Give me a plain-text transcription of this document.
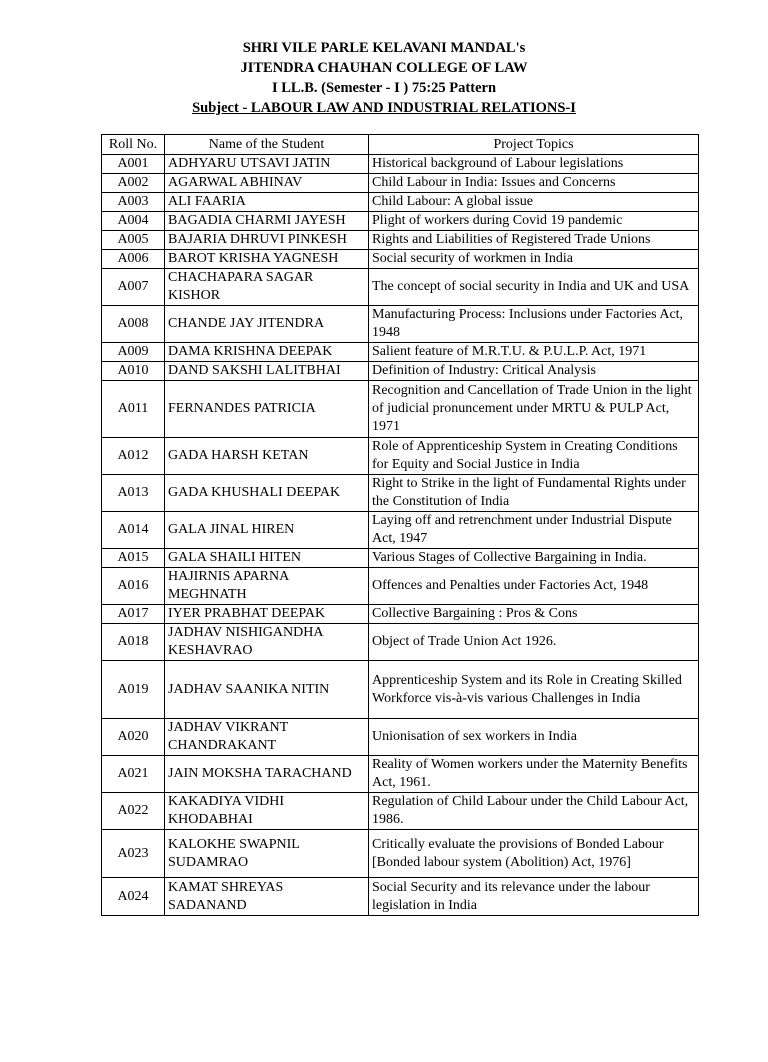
SHRI VILE PARLE KELAVANI MANDAL's
JITENDRA CHAUHAN COLLEGE OF LAW
I LL.B. (Semester - I ) 75:25 Pattern
Subject - LABOUR LAW AND INDUSTRIAL RELATIONS-I
Roll No.	Name of the Student	Project Topics
A001	ADHYARU UTSAVI JATIN	Historical background of Labour legislations
A002	AGARWAL ABHINAV	Child Labour in India: Issues and Concerns
A003	ALI FAARIA	Child Labour: A global issue
A004	BAGADIA CHARMI JAYESH	Plight of workers during Covid 19 pandemic
A005	BAJARIA DHRUVI PINKESH	Rights and Liabilities of Registered Trade Unions
A006	BAROT KRISHA YAGNESH	Social security of workmen in India
A007	CHACHAPARA SAGAR KISHOR	The concept of social security in India and UK and USA
A008	CHANDE JAY JITENDRA	Manufacturing Process: Inclusions under Factories Act, 1948
A009	DAMA KRISHNA DEEPAK	Salient feature of M.R.T.U. & P.U.L.P. Act, 1971
A010	DAND SAKSHI LALITBHAI	Definition of Industry: Critical Analysis
A011	FERNANDES PATRICIA	Recognition and Cancellation of Trade Union in the light of judicial pronuncement under MRTU & PULP Act, 1971
A012	GADA HARSH KETAN	Role of Apprenticeship System in Creating Conditions for Equity and Social Justice in India
A013	GADA KHUSHALI DEEPAK	Right to Strike in the light of Fundamental Rights under the Constitution of India
A014	GALA JINAL HIREN	Laying off and retrenchment under Industrial Dispute Act, 1947
A015	GALA SHAILI HITEN	Various Stages of Collective Bargaining in India.
A016	HAJIRNIS APARNA MEGHNATH	Offences and Penalties under Factories Act, 1948
A017	IYER PRABHAT DEEPAK	Collective Bargaining : Pros & Cons
A018	JADHAV NISHIGANDHA KESHAVRAO	Object of Trade Union Act 1926.
A019	JADHAV SAANIKA NITIN	Apprenticeship System and its Role in Creating Skilled Workforce vis-à-vis various Challenges in India
A020	JADHAV VIKRANT CHANDRAKANT	Unionisation of sex workers in India
A021	JAIN MOKSHA TARACHAND	Reality of Women workers under the Maternity Benefits Act, 1961.
A022	KAKADIYA VIDHI KHODABHAI	Regulation of Child Labour under the Child Labour Act, 1986.
A023	KALOKHE SWAPNIL SUDAMRAO	Critically evaluate the provisions of Bonded Labour [Bonded labour system (Abolition) Act, 1976]
A024	KAMAT SHREYAS SADANAND	Social Security and its relevance under the labour legislation in India
